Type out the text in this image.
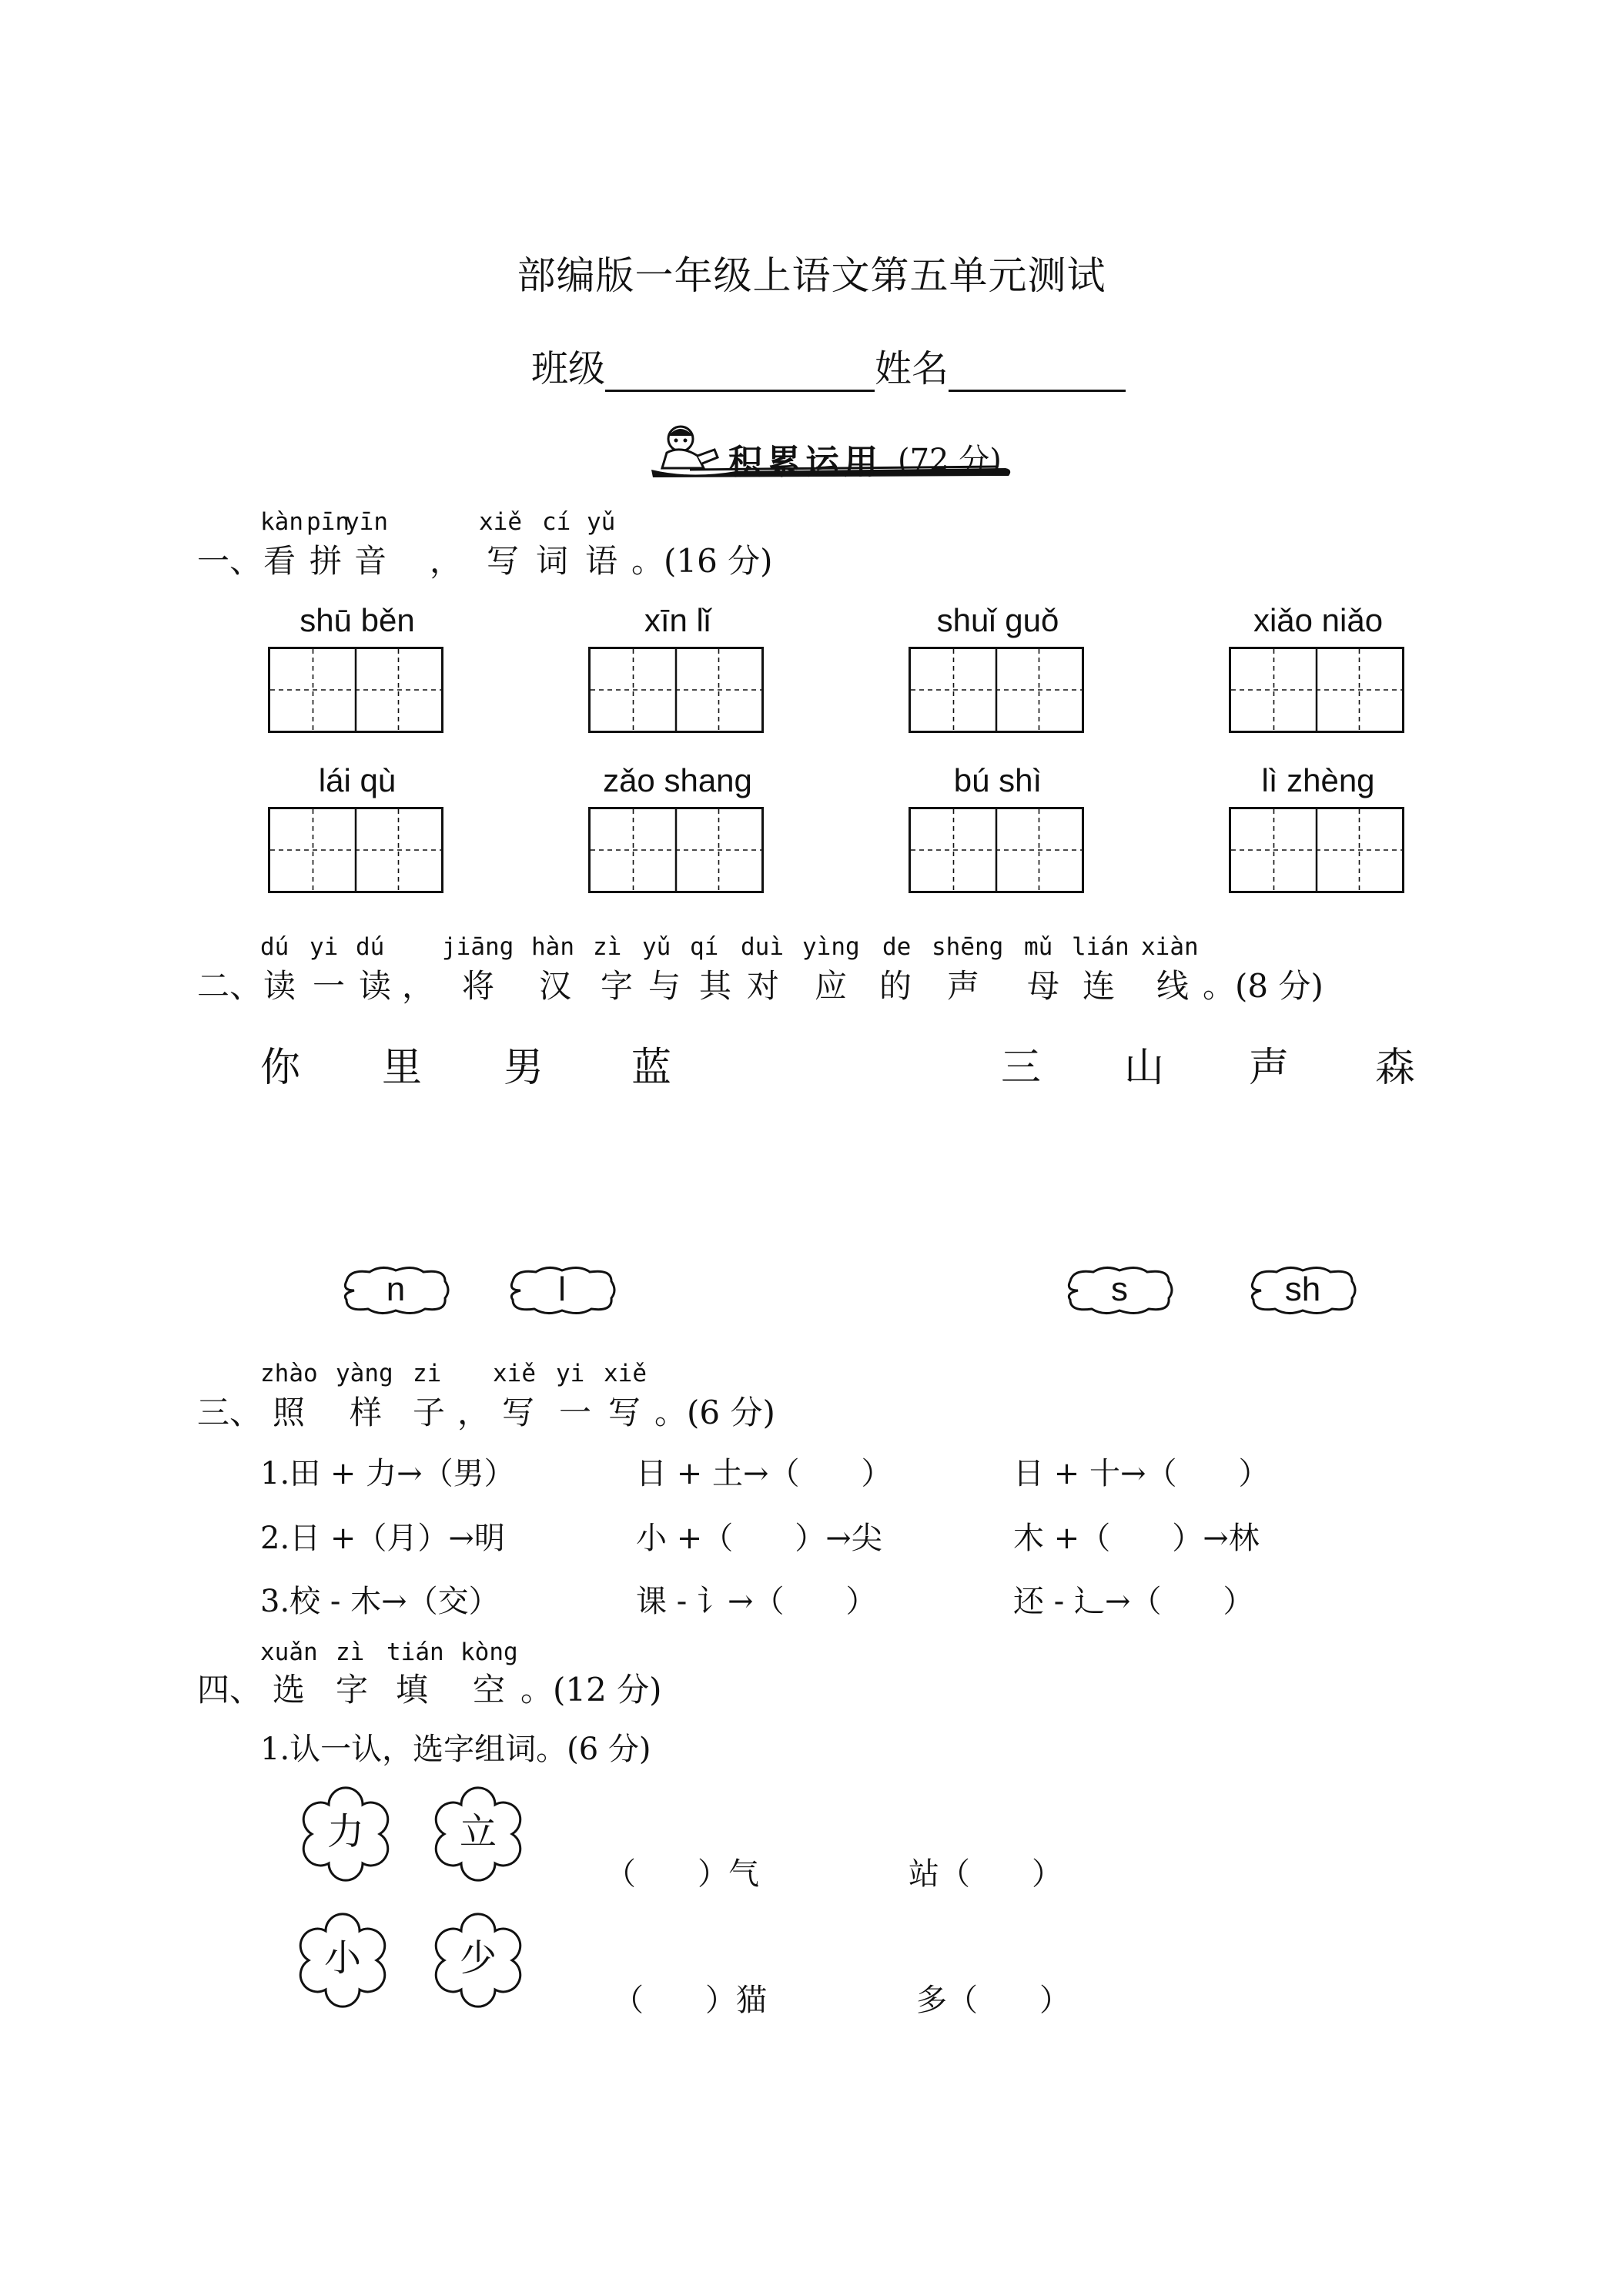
部编版一年级上语文第五单元测试
班级	姓名
积累运用 (72 分)
一、
kàn pīn
yīn	xiě cí yǔ
看 拼 音 ， 写 词 语 。(16 分)
shū běn	xīn lǐ	shuǐ guǒ	xiǎo niǎo
lái qù	zǎo shang	bú shì	lì zhèng
二、
dú yi dú jiāng hàn zì yǔ qí duì yìng de shēng mǔ lián xiàn
读 一 读 ， 将 汉 字 与 其 对 应 的 声 母 连 线 。(8 分)
你 里 男 蓝	三 山 声 森
n	l	s	sh
三、
zhào yàng zi xiě yi xiě
照 样 子 ， 写 一 写 。(6 分)
1.田 + 力→（男）	日 + 土→（　　）	日 + 十→（　　）
2.日 +（月）→明	小 +（　　）→尖	木 +（　　）→林
3.校 - 木→（交）	课 - 讠→（　　）	还 - 辶→（　　）
四、
xuǎn zì tián kòng
选 字 填 空 。(12 分)
1.认一认，选字组词。(6 分)
力	立
小	少
（　　）气	站（　　）
（　　）猫	多（　　）
